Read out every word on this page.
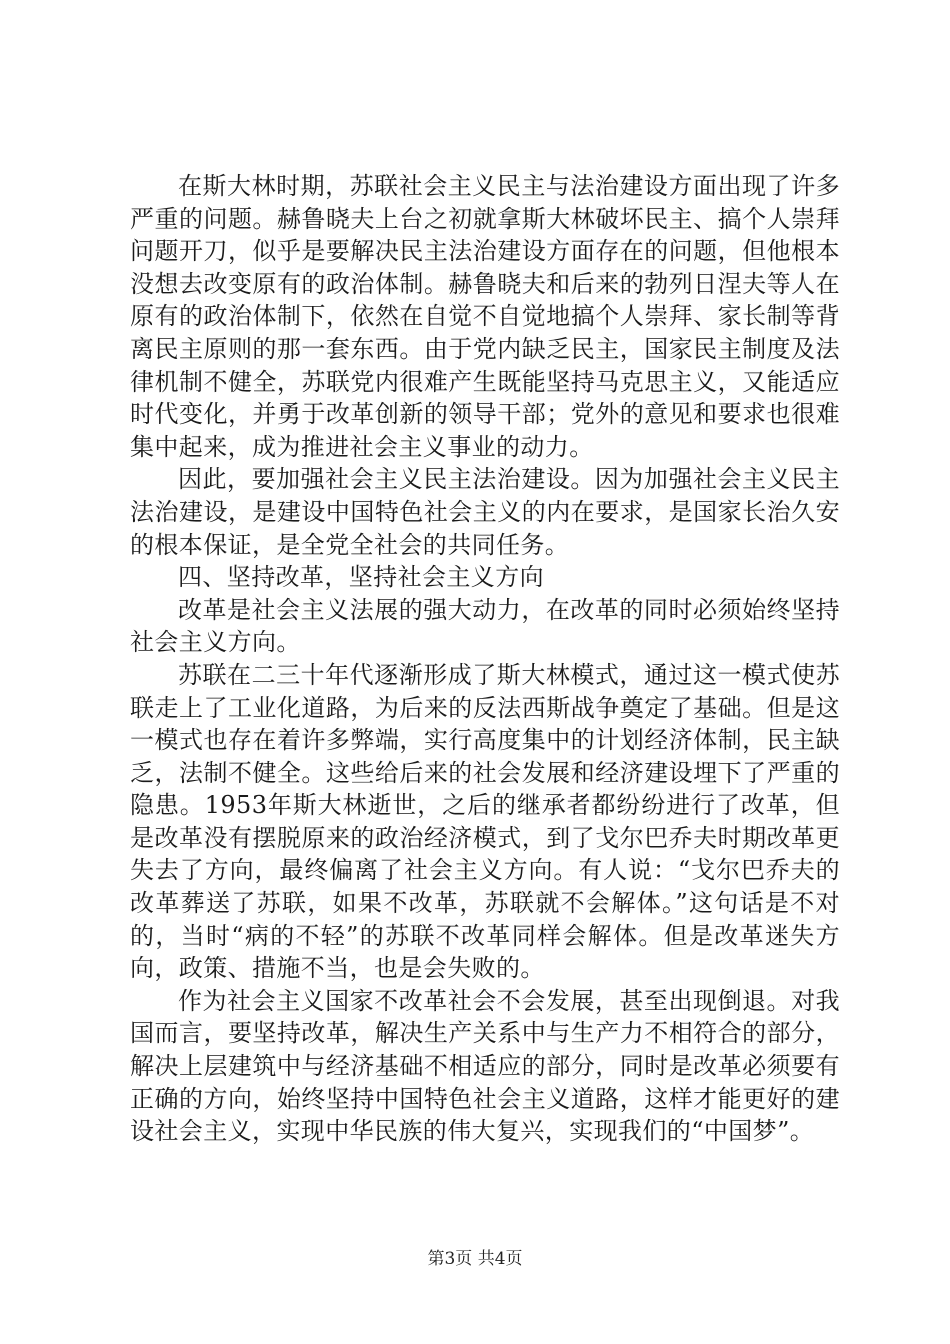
在斯大林时期，苏联社会主义民主与法治建设方面出现了许多严重的问题。赫鲁晓夫上台之初就拿斯大林破坏民主、搞个人崇拜问题开刀，似乎是要解决民主法治建设方面存在的问题，但他根本没想去改变原有的政治体制。赫鲁晓夫和后来的勃列日涅夫等人在原有的政治体制下，依然在自觉不自觉地搞个人崇拜、家长制等背离民主原则的那一套东西。由于党内缺乏民主，国家民主制度及法律机制不健全，苏联党内很难产生既能坚持马克思主义，又能适应时代变化，并勇于改革创新的领导干部；党外的意见和要求也很难集中起来，成为推进社会主义事业的动力。

因此，要加强社会主义民主法治建设。因为加强社会主义民主法治建设，是建设中国特色社会主义的内在要求，是国家长治久安的根本保证，是全党全社会的共同任务。

四、坚持改革，坚持社会主义方向

改革是社会主义法展的强大动力，在改革的同时必须始终坚持社会主义方向。

苏联在二三十年代逐渐形成了斯大林模式，通过这一模式使苏联走上了工业化道路，为后来的反法西斯战争奠定了基础。但是这一模式也存在着许多弊端，实行高度集中的计划经济体制，民主缺乏，法制不健全。这些给后来的社会发展和经济建设埋下了严重的隐患。1953年斯大林逝世，之后的继承者都纷纷进行了改革，但是改革没有摆脱原来的政治经济模式，到了戈尔巴乔夫时期改革更失去了方向，最终偏离了社会主义方向。有人说：“戈尔巴乔夫的改革葬送了苏联，如果不改革，苏联就不会解体。”这句话是不对的，当时“病的不轻”的苏联不改革同样会解体。但是改革迷失方向，政策、措施不当，也是会失败的。

作为社会主义国家不改革社会不会发展，甚至出现倒退。对我国而言，要坚持改革，解决生产关系中与生产力不相符合的部分，解决上层建筑中与经济基础不相适应的部分，同时是改革必须要有正确的方向，始终坚持中国特色社会主义道路，这样才能更好的建设社会主义，实现中华民族的伟大复兴，实现我们的“中国梦”。

第3页 共4页
